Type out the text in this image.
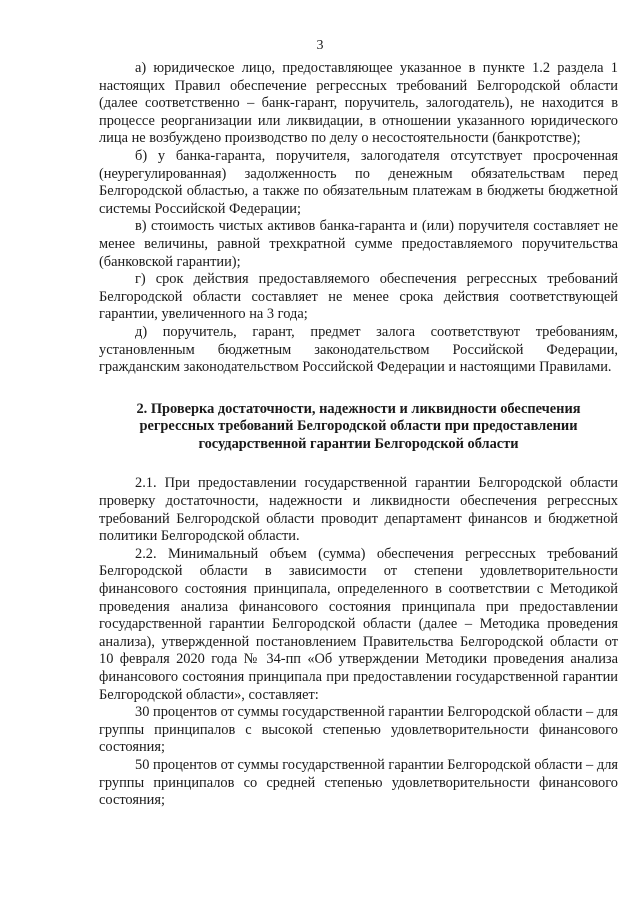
3

а) юридическое лицо, предоставляющее указанное в пункте 1.2 раздела 1 настоящих Правил обеспечение регрессных требований Белгородской области (далее соответственно – банк-гарант, поручитель, залогодатель), не находится в процессе реорганизации или ликвидации, в отношении указанного юридического лица не возбуждено производство по делу о несостоятельности (банкротстве);

б) у банка-гаранта, поручителя, залогодателя отсутствует просроченная (неурегулированная) задолженность по денежным обязательствам перед Белгородской областью, а также по обязательным платежам в бюджеты бюджетной системы Российской Федерации;

в) стоимость чистых активов банка-гаранта и (или) поручителя составляет не менее величины, равной трехкратной сумме предоставляемого поручительства (банковской гарантии);

г) срок действия предоставляемого обеспечения регрессных требований Белгородской области составляет не менее срока действия соответствующей гарантии, увеличенного на 3 года;

д) поручитель, гарант, предмет залога соответствуют требованиям, установленным бюджетным законодательством Российской Федерации, гражданским законодательством Российской Федерации и настоящими Правилами.

2. Проверка достаточности, надежности и ликвидности обеспечения регрессных требований Белгородской области при предоставлении государственной гарантии Белгородской области

2.1. При предоставлении государственной гарантии Белгородской области проверку достаточности, надежности и ликвидности обеспечения регрессных требований Белгородской области проводит департамент финансов и бюджетной политики Белгородской области.

2.2. Минимальный объем (сумма) обеспечения регрессных требований Белгородской области в зависимости от степени удовлетворительности финансового состояния принципала, определенного в соответствии с Методикой проведения анализа финансового состояния принципала при предоставлении государственной гарантии Белгородской области (далее – Методика проведения анализа), утвержденной постановлением Правительства Белгородской области от 10 февраля 2020 года № 34-пп «Об утверждении Методики проведения анализа финансового состояния принципала при предоставлении государственной гарантии Белгородской области», составляет:

30 процентов от суммы государственной гарантии Белгородской области – для группы принципалов с высокой степенью удовлетворительности финансового состояния;

50 процентов от суммы государственной гарантии Белгородской области – для группы принципалов со средней степенью удовлетворительности финансового состояния;
